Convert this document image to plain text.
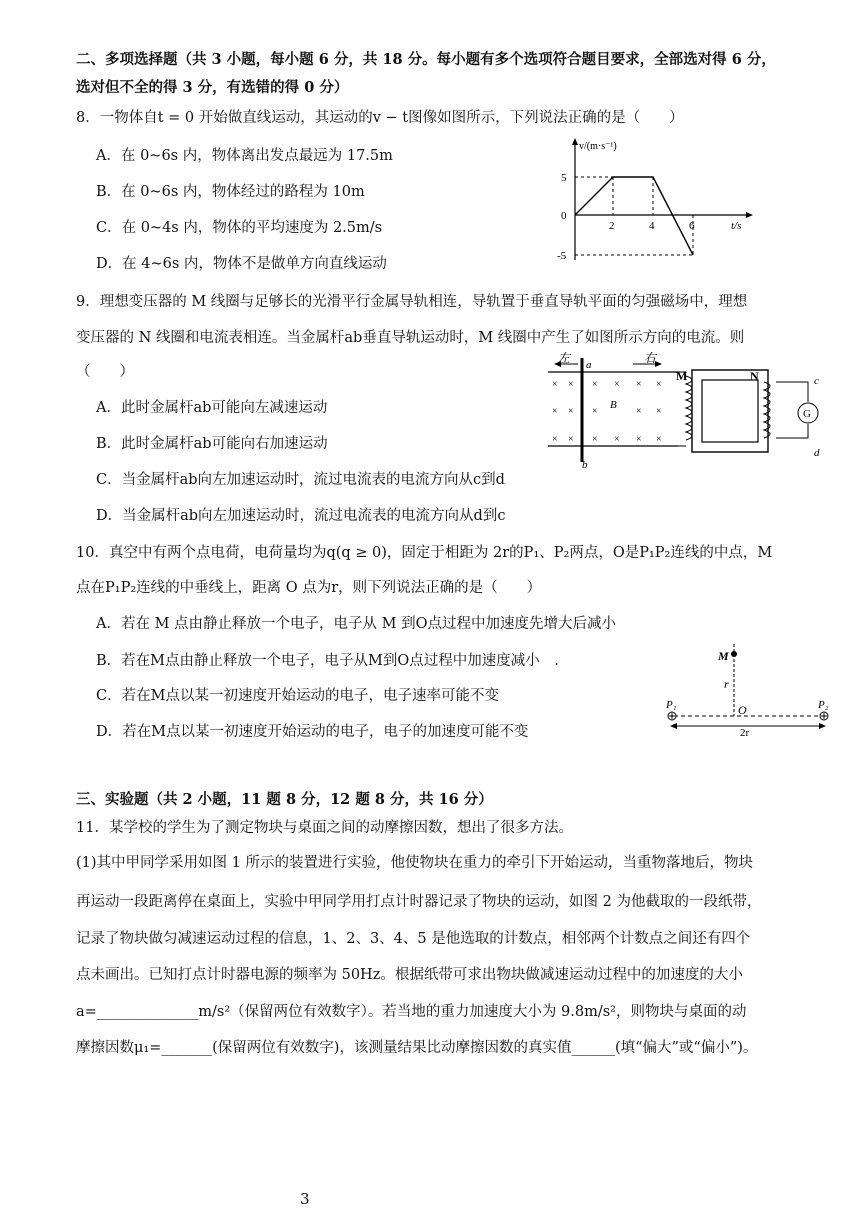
二、多项选择题（共 3 小题，每小题 6 分，共 18 分。每小题有多个选项符合题目要求，全部选对得 6 分，
选对但不全的得 3 分，有选错的得 0 分）
8．一物体自t = 0 开始做直线运动，其运动的v − t图像如图所示，下列说法正确的是（　　）
A．在 0~6s 内，物体离出发点最远为 17.5m
B．在 0~6s 内，物体经过的路程为 10m
C．在 0~4s 内，物体的平均速度为 2.5m/s
D．在 4~6s 内，物体不是做单方向直线运动
v/(m·s⁻¹)
t/s
5
0
-5
2	4	6
9．理想变压器的 M 线圈与足够长的光滑平行金属导轨相连，导轨置于垂直导轨平面的匀强磁场中，理想
变压器的 N 线圈和电流表相连。当金属杆ab垂直导轨运动时，M 线圈中产生了如图所示方向的电流。则
（　　）
A．此时金属杆ab可能向左减速运动
B．此时金属杆ab可能向右加速运动
C．当金属杆ab向左加速运动时，流过电流表的电流方向从c到d
D．当金属杆ab向左加速运动时，流过电流表的电流方向从d到c
左	右
a
b
B
× × × × × ×
× × ×	× ×
× × × × × ×
M	N
G
c
d
10．真空中有两个点电荷，电荷量均为q(q ≥ 0)，固定于相距为 2r的P₁、P₂两点，O是P₁P₂连线的中点，M
点在P₁P₂连线的中垂线上，距离 O 点为r，则下列说法正确的是（　　）
A．若在 M 点由静止释放一个电子，电子从 M 到O点过程中加速度先增大后减小
B．若在M点由静止释放一个电子，电子从M到O点过程中加速度减小　.
C．若在M点以某一初速度开始运动的电子，电子速率可能不变
D．若在M点以某一初速度开始运动的电子，电子的加速度可能不变
M
r
O
P₁	P₂
2r
三、实验题（共 2 小题，11 题 8 分，12 题 8 分，共 16 分）
11．某学校的学生为了测定物块与桌面之间的动摩擦因数，想出了很多方法。
(1)其中甲同学采用如图 1 所示的装置进行实验，他使物块在重力的牵引下开始运动，当重物落地后，物块
再运动一段距离停在桌面上，实验中甲同学用打点计时器记录了物块的运动，如图 2 为他截取的一段纸带，
记录了物块做匀减速运动过程的信息，1、2、3、4、5 是他选取的计数点，相邻两个计数点之间还有四个
点未画出。已知打点计时器电源的频率为 50Hz。根据纸带可求出物块做减速运动过程中的加速度的大小
a=______________m/s²（保留两位有效数字）。若当地的重力加速度大小为 9.8m/s²，则物块与桌面的动
摩擦因数μ₁=_______(保留两位有效数字)，该测量结果比动摩擦因数的真实值______(填“偏大”或“偏小”)。
3
